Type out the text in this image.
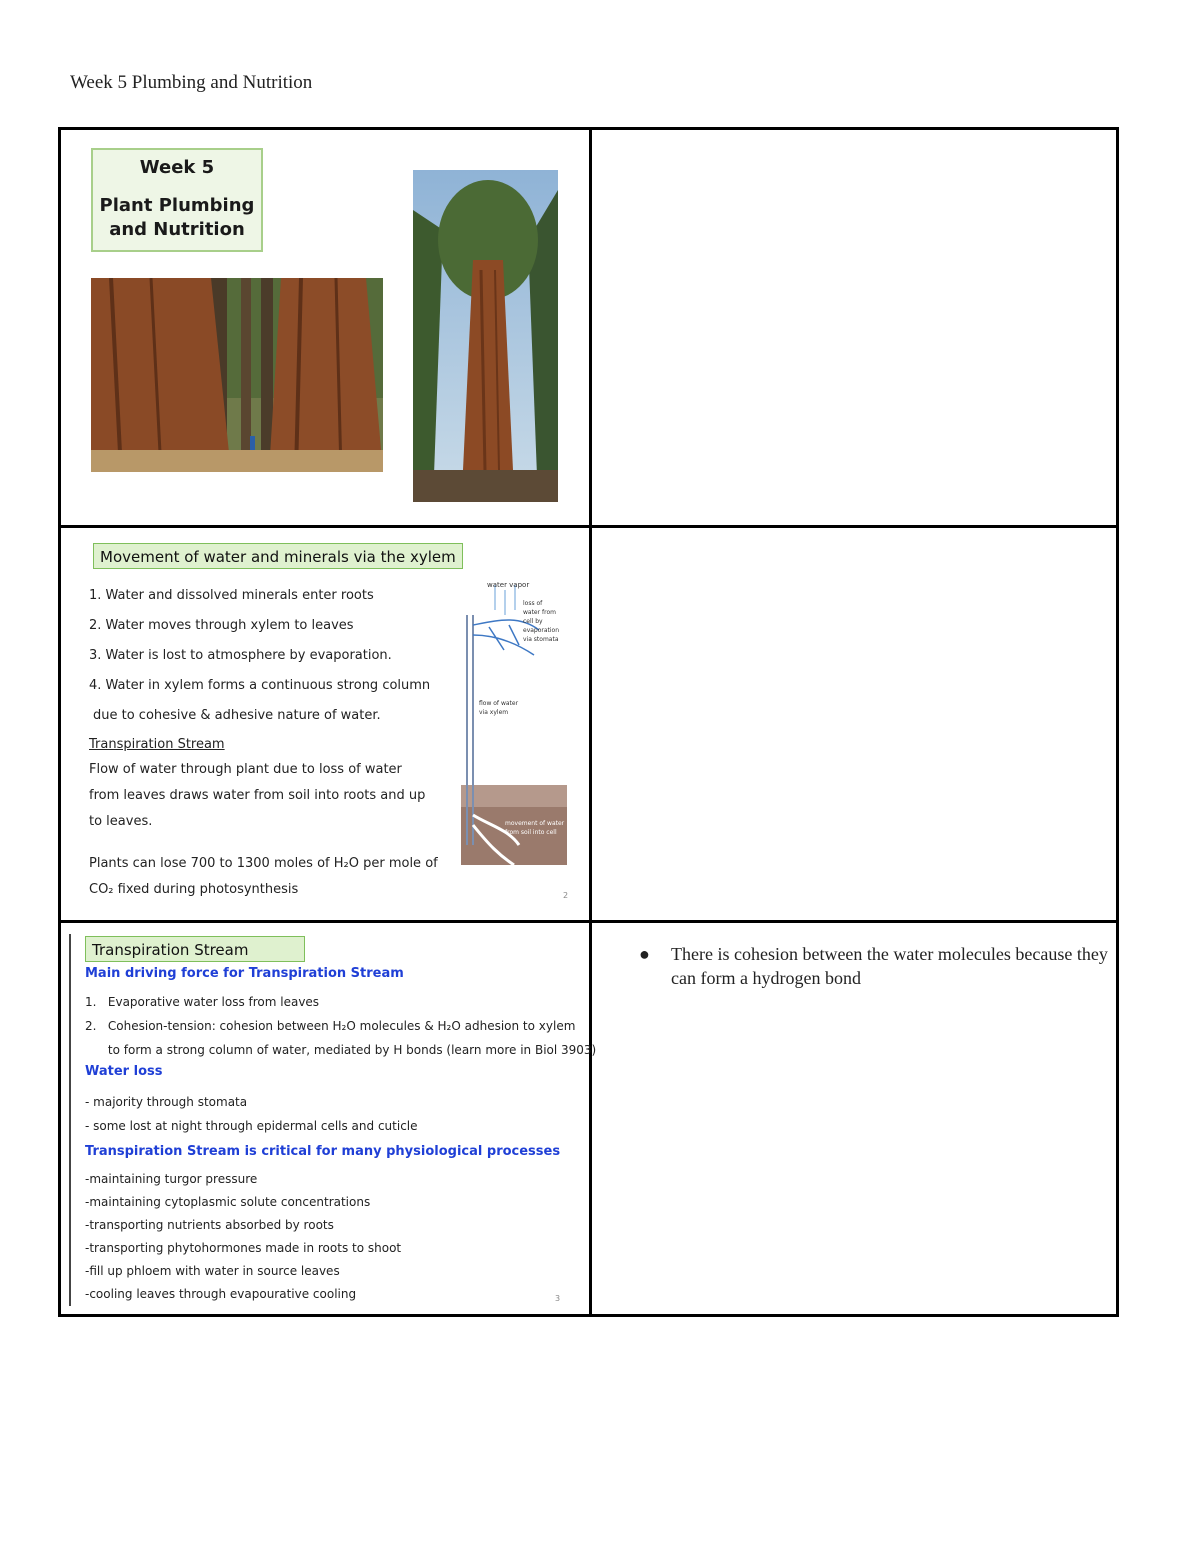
Week 5 Plumbing and Nutrition
Week 5
Plant Plumbing
and Nutrition
Movement of water and minerals via the xylem
1. Water and dissolved minerals enter roots
2. Water moves through xylem to leaves
3. Water is lost to atmosphere by evaporation.
4. Water in xylem forms a continuous strong column
due to cohesive & adhesive nature of water.
Transpiration Stream
Flow of water through plant due to loss of water
from leaves draws water from soil into roots and up
to leaves.
Plants can lose 700 to 1300 moles of H₂O per mole of
CO₂ fixed during photosynthesis
water vapor
loss of water from cell by evaporation via stomata
flow of water via xylem
movement of water from soil into cell
2
Transpiration Stream
Main driving force for Transpiration Stream
1.   Evaporative water loss from leaves
2.   Cohesion-tension: cohesion between H₂O molecules & H₂O adhesion to xylem
to form a strong column of water, mediated by H bonds (learn more in Biol 3903)
Water loss
- majority through stomata
- some lost at night through epidermal cells and cuticle
Transpiration Stream is critical for many physiological processes
-maintaining turgor pressure
-maintaining cytoplasmic solute concentrations
-transporting nutrients absorbed by roots
-transporting phytohormones made in roots to shoot
-fill up phloem with water in source leaves
-cooling leaves through evapourative cooling	3
● There is cohesion between the water molecules because they can form a hydrogen bond
